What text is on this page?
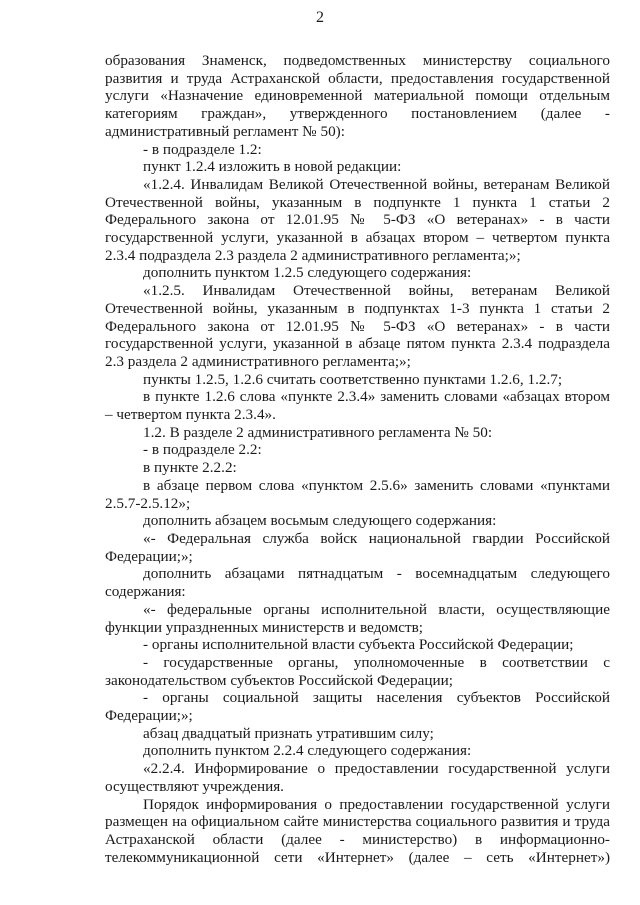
2

образования Знаменск, подведомственных министерству социального развития и труда Астраханской области, предоставления государственной услуги «Назначение единовременной материальной помощи отдельным категориям граждан», утвержденного постановлением (далее - административный регламент № 50):

- в подразделе 1.2:

пункт 1.2.4 изложить в новой редакции:

«1.2.4. Инвалидам Великой Отечественной войны, ветеранам Великой Отечественной войны, указанным в подпункте 1 пункта 1 статьи 2 Федерального закона от 12.01.95 № 5-ФЗ «О ветеранах» - в части государственной услуги, указанной в абзацах втором – четвертом пункта 2.3.4 подраздела 2.3 раздела 2 административного регламента;»;

дополнить пунктом 1.2.5 следующего содержания:

«1.2.5. Инвалидам Отечественной войны, ветеранам Великой Отечественной войны, указанным в подпунктах 1-3 пункта 1 статьи 2 Федерального закона от 12.01.95 № 5-ФЗ «О ветеранах» - в части государственной услуги, указанной в абзаце пятом пункта 2.3.4 подраздела 2.3 раздела 2 административного регламента;»;

пункты 1.2.5, 1.2.6 считать соответственно пунктами 1.2.6, 1.2.7;

в пункте 1.2.6 слова «пункте 2.3.4» заменить словами «абзацах втором – четвертом пункта 2.3.4».

1.2. В разделе 2 административного регламента № 50:

- в подразделе 2.2:

в пункте 2.2.2:

в абзаце первом слова «пунктом 2.5.6» заменить словами «пунктами 2.5.7-2.5.12»;

дополнить абзацем восьмым следующего содержания:

«- Федеральная служба войск национальной гвардии Российской Федерации;»;

дополнить абзацами пятнадцатым - восемнадцатым следующего содержания:

«- федеральные органы исполнительной власти, осуществляющие функции упраздненных министерств и ведомств;

- органы исполнительной власти субъекта Российской Федерации;

- государственные органы, уполномоченные в соответствии с законодательством субъектов Российской Федерации;

- органы социальной защиты населения субъектов Российской Федерации;»;

абзац двадцатый признать утратившим силу;

дополнить пунктом 2.2.4 следующего содержания:

«2.2.4. Информирование о предоставлении государственной услуги осуществляют учреждения.

Порядок информирования о предоставлении государственной услуги размещен на официальном сайте министерства социального развития и труда Астраханской области (далее - министерство) в информационно-телекоммуникационной сети «Интернет» (далее – сеть «Интернет»)
